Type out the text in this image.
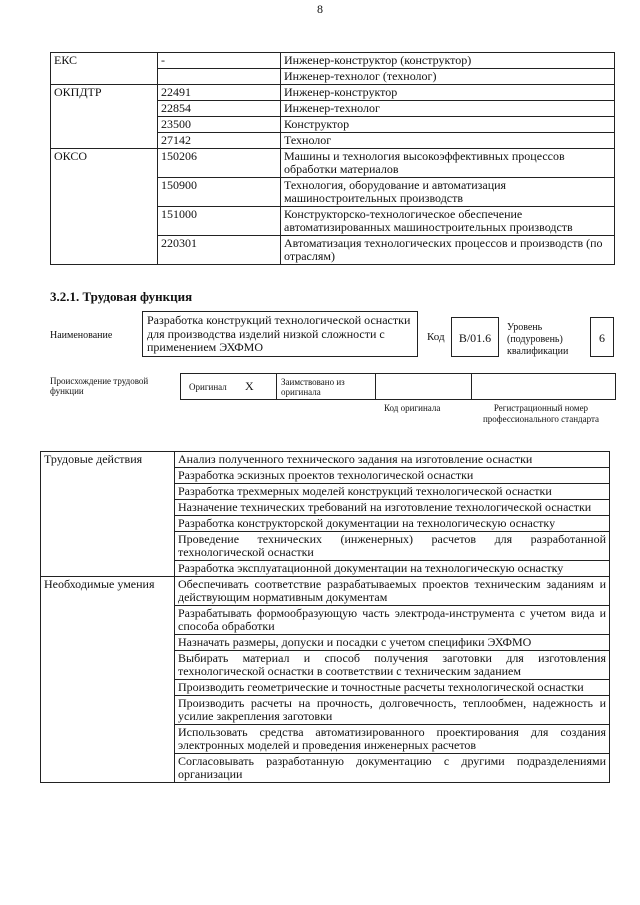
8
ЕКС	-	Инженер-конструктор (конструктор)
		Инженер-технолог (технолог)
ОКПДТР	22491	Инженер-конструктор
	22854	Инженер-технолог
	23500	Конструктор
	27142	Технолог
ОКСО	150206	Машины и технология высокоэффективных процессов обработки материалов
	150900	Технология, оборудование и автоматизация машиностроительных производств
	151000	Конструкторско-технологическое обеспечение автоматизированных машиностроительных производств
	220301	Автоматизация технологических процессов и производств (по отраслям)
3.2.1. Трудовая функция
Наименование
Разработка конструкций технологической оснастки для производства изделий низкой сложности с применением ЭХФМО
Код	B/01.6
Уровень (подуровень) квалификации
6
Происхождение трудовой функции	Оригинал X	Заимствовано из оригинала
Код оригинала	Регистрационный номер профессионального стандарта
Трудовые действия	Анализ полученного технического задания на изготовление оснастки
	Разработка эскизных проектов технологической оснастки
	Разработка трехмерных моделей конструкций технологической оснастки
	Назначение технических требований на изготовление технологической оснастки
	Разработка конструкторской документации на технологическую оснастку
	Проведение технических (инженерных) расчетов для разработанной технологической оснастки
	Разработка эксплуатационной документации на технологическую оснастку
Необходимые умения	Обеспечивать соответствие разрабатываемых проектов техническим заданиям и действующим нормативным документам
	Разрабатывать формообразующую часть электрода-инструмента с учетом вида и способа обработки
	Назначать размеры, допуски и посадки с учетом специфики ЭХФМО
	Выбирать материал и способ получения заготовки для изготовления технологической оснастки в соответствии с техническим заданием
	Производить геометрические и точностные расчеты технологической оснастки
	Производить расчеты на прочность, долговечность, теплообмен, надежность и усилие закрепления заготовки
	Использовать средства автоматизированного проектирования для создания электронных моделей и проведения инженерных расчетов
	Согласовывать разработанную документацию с другими подразделениями организации
